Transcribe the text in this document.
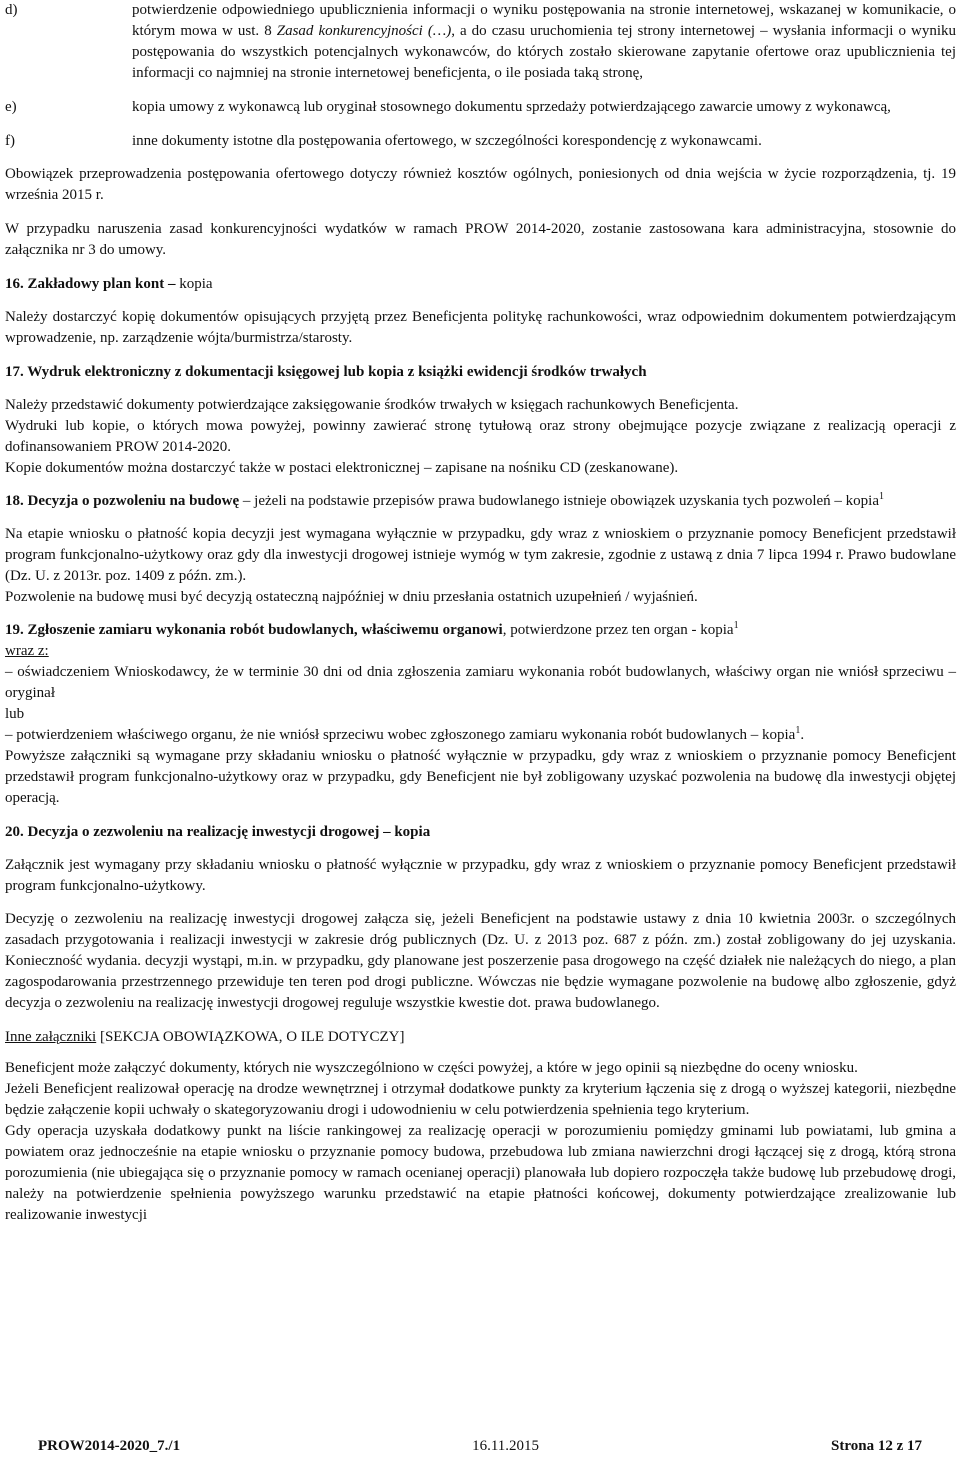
d)	potwierdzenie odpowiedniego upublicznienia informacji o wyniku postępowania na stronie internetowej, wskazanej w komunikacie, o którym mowa w ust. 8 Zasad konkurencyjności (…), a do czasu uruchomienia tej strony internetowej – wysłania informacji o wyniku postępowania do wszystkich potencjalnych wykonawców, do których zostało skierowane zapytanie ofertowe oraz upublicznienia tej informacji co najmniej na stronie internetowej beneficjenta, o ile posiada taką stronę,
e)	kopia umowy z wykonawcą lub oryginał stosownego dokumentu sprzedaży potwierdzającego zawarcie umowy z wykonawcą,
f)	inne dokumenty istotne dla postępowania ofertowego, w szczególności korespondencję z wykonawcami.

Obowiązek przeprowadzenia postępowania ofertowego dotyczy również kosztów ogólnych, poniesionych od dnia wejścia w życie rozporządzenia, tj. 19 września 2015 r.

W przypadku naruszenia zasad konkurencyjności wydatków w ramach PROW 2014-2020, zostanie zastosowana kara administracyjna, stosownie do załącznika nr 3 do umowy.

16. Zakładowy plan kont – kopia

Należy dostarczyć kopię dokumentów opisujących przyjętą przez Beneficjenta politykę rachunkowości, wraz odpowiednim dokumentem potwierdzającym wprowadzenie, np. zarządzenie wójta/burmistrza/starosty.

17. Wydruk elektroniczny z dokumentacji księgowej lub kopia z książki ewidencji środków trwałych

Należy przedstawić dokumenty potwierdzające zaksięgowanie środków trwałych w księgach rachunkowych Beneficjenta.

Wydruki lub kopie, o których mowa powyżej, powinny zawierać stronę tytułową oraz strony obejmujące pozycje związane z realizacją operacji z dofinansowaniem PROW 2014-2020.

Kopie dokumentów można dostarczyć także w postaci elektronicznej – zapisane na nośniku CD (zeskanowane).

18. Decyzja o pozwoleniu na budowę – jeżeli na podstawie przepisów prawa budowlanego istnieje obowiązek uzyskania tych pozwoleń – kopia$^1$

Na etapie wniosku o płatność kopia decyzji jest wymagana wyłącznie w przypadku, gdy wraz z wnioskiem o przyznanie pomocy Beneficjent przedstawił program funkcjonalno-użytkowy oraz gdy dla inwestycji drogowej istnieje wymóg w tym zakresie, zgodnie z ustawą z dnia 7 lipca 1994 r. Prawo budowlane (Dz. U. z 2013r. poz. 1409 z późn. zm.).

Pozwolenie na budowę musi być decyzją ostateczną najpóźniej w dniu przesłania ostatnich uzupełnień / wyjaśnień.

19. Zgłoszenie zamiaru wykonania robót budowlanych, właściwemu organowi, potwierdzone przez ten organ - kopia$^1$

wraz z:

– oświadczeniem Wnioskodawcy, że w terminie 30 dni od dnia zgłoszenia zamiaru wykonania robót budowlanych, właściwy organ nie wniósł sprzeciwu – oryginał

lub

– potwierdzeniem właściwego organu, że nie wniósł sprzeciwu wobec zgłoszonego zamiaru wykonania robót budowlanych – kopia$^1$.

Powyższe załączniki są wymagane przy składaniu wniosku o płatność wyłącznie w przypadku, gdy wraz z wnioskiem o przyznanie pomocy Beneficjent przedstawił program funkcjonalno-użytkowy oraz w przypadku, gdy Beneficjent nie był zobligowany uzyskać pozwolenia na budowę dla inwestycji objętej operacją.

20. Decyzja o zezwoleniu na realizację inwestycji drogowej – kopia

Załącznik jest wymagany przy składaniu wniosku o płatność wyłącznie w przypadku, gdy wraz z wnioskiem o przyznanie pomocy Beneficjent przedstawił program funkcjonalno-użytkowy.

Decyzję o zezwoleniu na realizację inwestycji drogowej załącza się, jeżeli Beneficjent na podstawie ustawy z dnia 10 kwietnia 2003r. o szczególnych zasadach przygotowania i realizacji inwestycji w zakresie dróg publicznych (Dz. U. z 2013 poz. 687 z późn. zm.) został zobligowany do jej uzyskania. Konieczność wydania. decyzji wystąpi, m.in. w przypadku, gdy planowane jest poszerzenie pasa drogowego na część działek nie należących do niego, a plan zagospodarowania przestrzennego przewiduje ten teren pod drogi publiczne. Wówczas nie będzie wymagane pozwolenie na budowę albo zgłoszenie, gdyż decyzja o zezwoleniu na realizację inwestycji drogowej reguluje wszystkie kwestie dot. prawa budowlanego.

Inne załączniki [SEKCJA OBOWIĄZKOWA, O ILE DOTYCZY]

Beneficjent może załączyć dokumenty, których nie wyszczególniono w części powyżej, a które w jego opinii są niezbędne do oceny wniosku.

Jeżeli Beneficjent realizował operację na drodze wewnętrznej i otrzymał dodatkowe punkty za kryterium łączenia się z drogą o wyższej kategorii, niezbędne będzie załączenie kopii uchwały o skategoryzowaniu drogi i udowodnieniu w celu potwierdzenia spełnienia tego kryterium.

Gdy operacja uzyskała dodatkowy punkt na liście rankingowej za realizację operacji w porozumieniu pomiędzy gminami lub powiatami, lub gmina a powiatem oraz jednocześnie na etapie wniosku o przyznanie pomocy budowa, przebudowa lub zmiana nawierzchni drogi łączącej się z drogą, którą strona porozumienia (nie ubiegająca się o przyznanie pomocy w ramach ocenianej operacji) planowała lub dopiero rozpoczęła także budowę lub przebudowę drogi, należy na potwierdzenie spełnienia powyższego warunku przedstawić na etapie płatności końcowej, dokumenty potwierdzające zrealizowanie lub realizowanie inwestycji

PROW2014-2020_7./1	16.11.2015	Strona 12 z 17
